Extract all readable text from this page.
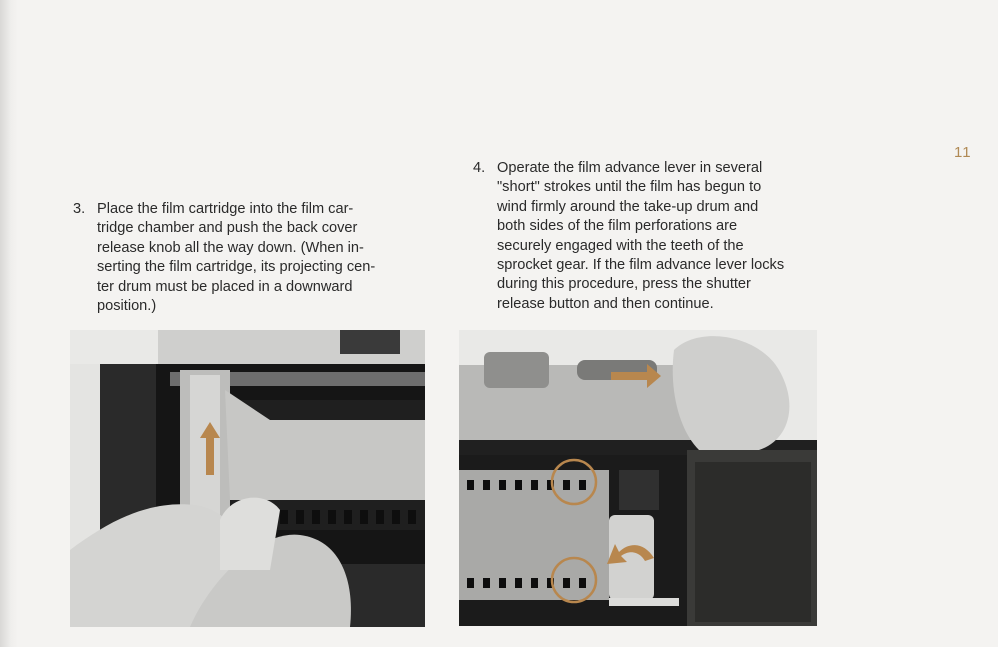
11
3. Place the film cartridge into the film car-
tridge chamber and push the back cover
release knob all the way down. (When in-
serting the film cartridge, its projecting cen-
ter drum must be placed in a downward
position.)
4. Operate the film advance lever in several
"short" strokes until the film has begun to
wind firmly around the take-up drum and
both sides of the film perforations are
securely engaged with the teeth of the
sprocket gear. If the film advance lever locks
during this procedure, press the shutter
release button and then continue.
